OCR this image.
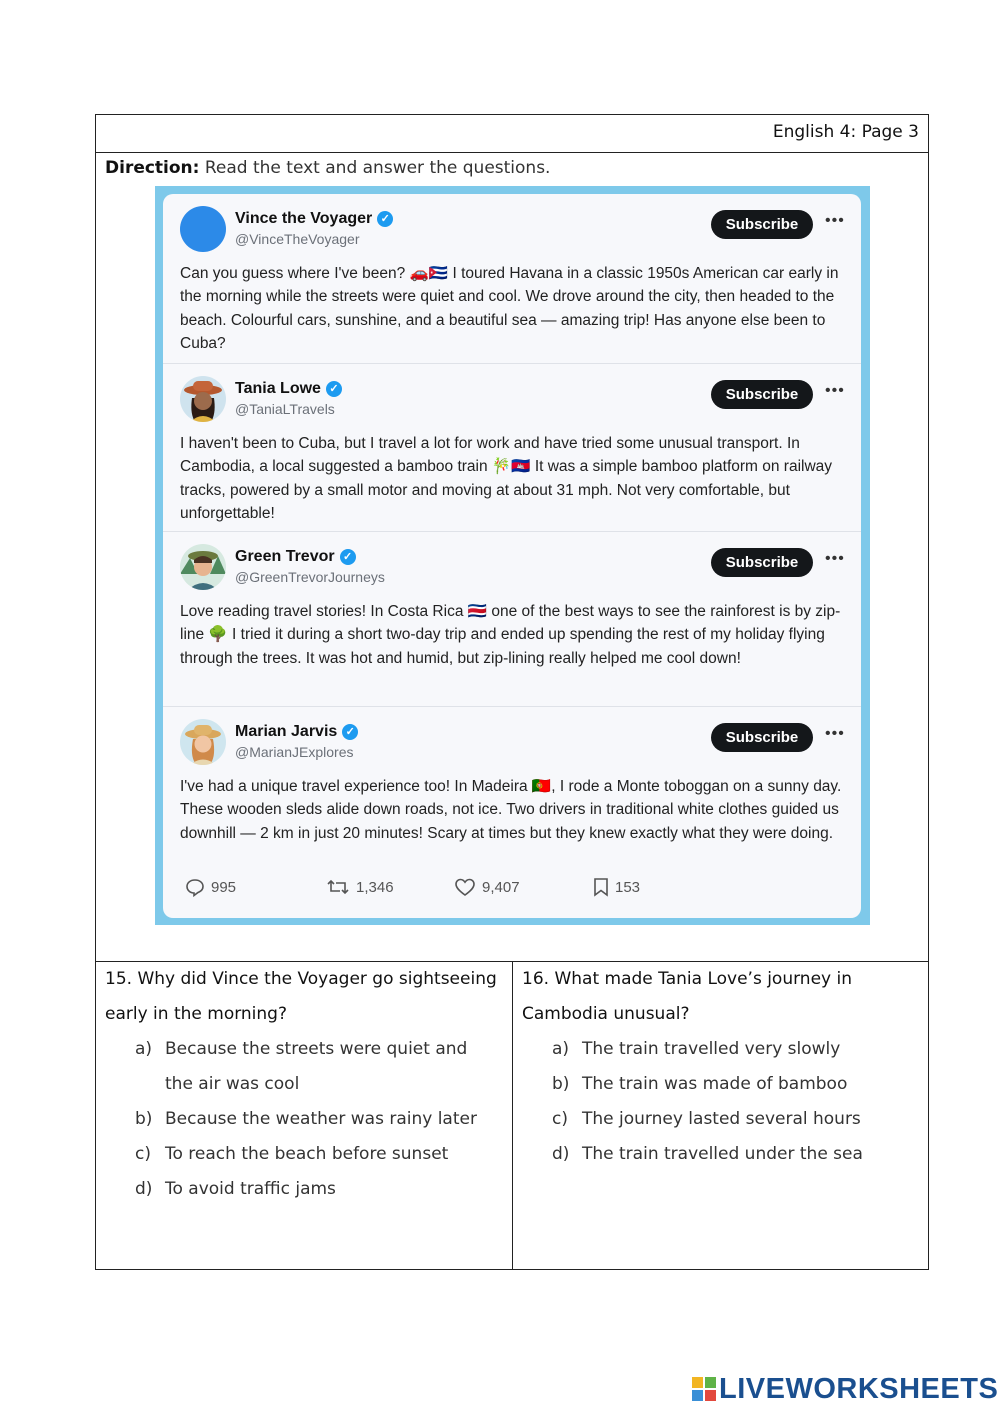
English 4: Page 3
Direction: Read the text and answer the questions.
Vince the Voyager ✓
@VinceTheVoyager
Subscribe	•••
Can you guess where I've been? 🚗🇨🇺 I toured Havana in a classic 1950s American car early in the morning while the streets were quiet and cool. We drove around the city, then headed to the beach. Colourful cars, sunshine, and a beautiful sea — amazing trip! Has anyone else been to Cuba?
Tania Lowe ✓
@TaniaLTravels
Subscribe	•••
I haven't been to Cuba, but I travel a lot for work and have tried some unusual transport. In Cambodia, a local suggested a bamboo train 🎋🇰🇭 It was a simple bamboo platform on railway tracks, powered by a small motor and moving at about 31 mph. Not very comfortable, but unforgettable!
Green Trevor ✓
@GreenTrevorJourneys
Subscribe	•••
Love reading travel stories! In Costa Rica 🇨🇷 one of the best ways to see the rainforest is by zip-line 🌳 I tried it during a short two-day trip and ended up spending the rest of my holiday flying through the trees. It was hot and humid, but zip-lining really helped me cool down!
Marian Jarvis ✓
@MarianJExplores
Subscribe	•••
I've had a unique travel experience too! In Madeira 🇵🇹, I rode a Monte toboggan on a sunny day. These wooden sleds alide down roads, not ice. Two drivers in traditional white clothes guided us downhill — 2 km in just 20 minutes! Scary at times but they knew exactly what they were doing.
995	1,346	9,407	153
15. Why did Vince the Voyager go sightseeing early in the morning?
a) Because the streets were quiet and the air was cool
b) Because the weather was rainy later
c) To reach the beach before sunset
d) To avoid traffic jams
16. What made Tania Love’s journey in Cambodia unusual?
a) The train travelled very slowly
b) The train was made of bamboo
c) The journey lasted several hours
d) The train travelled under the sea
LIVEWORKSHEETS
